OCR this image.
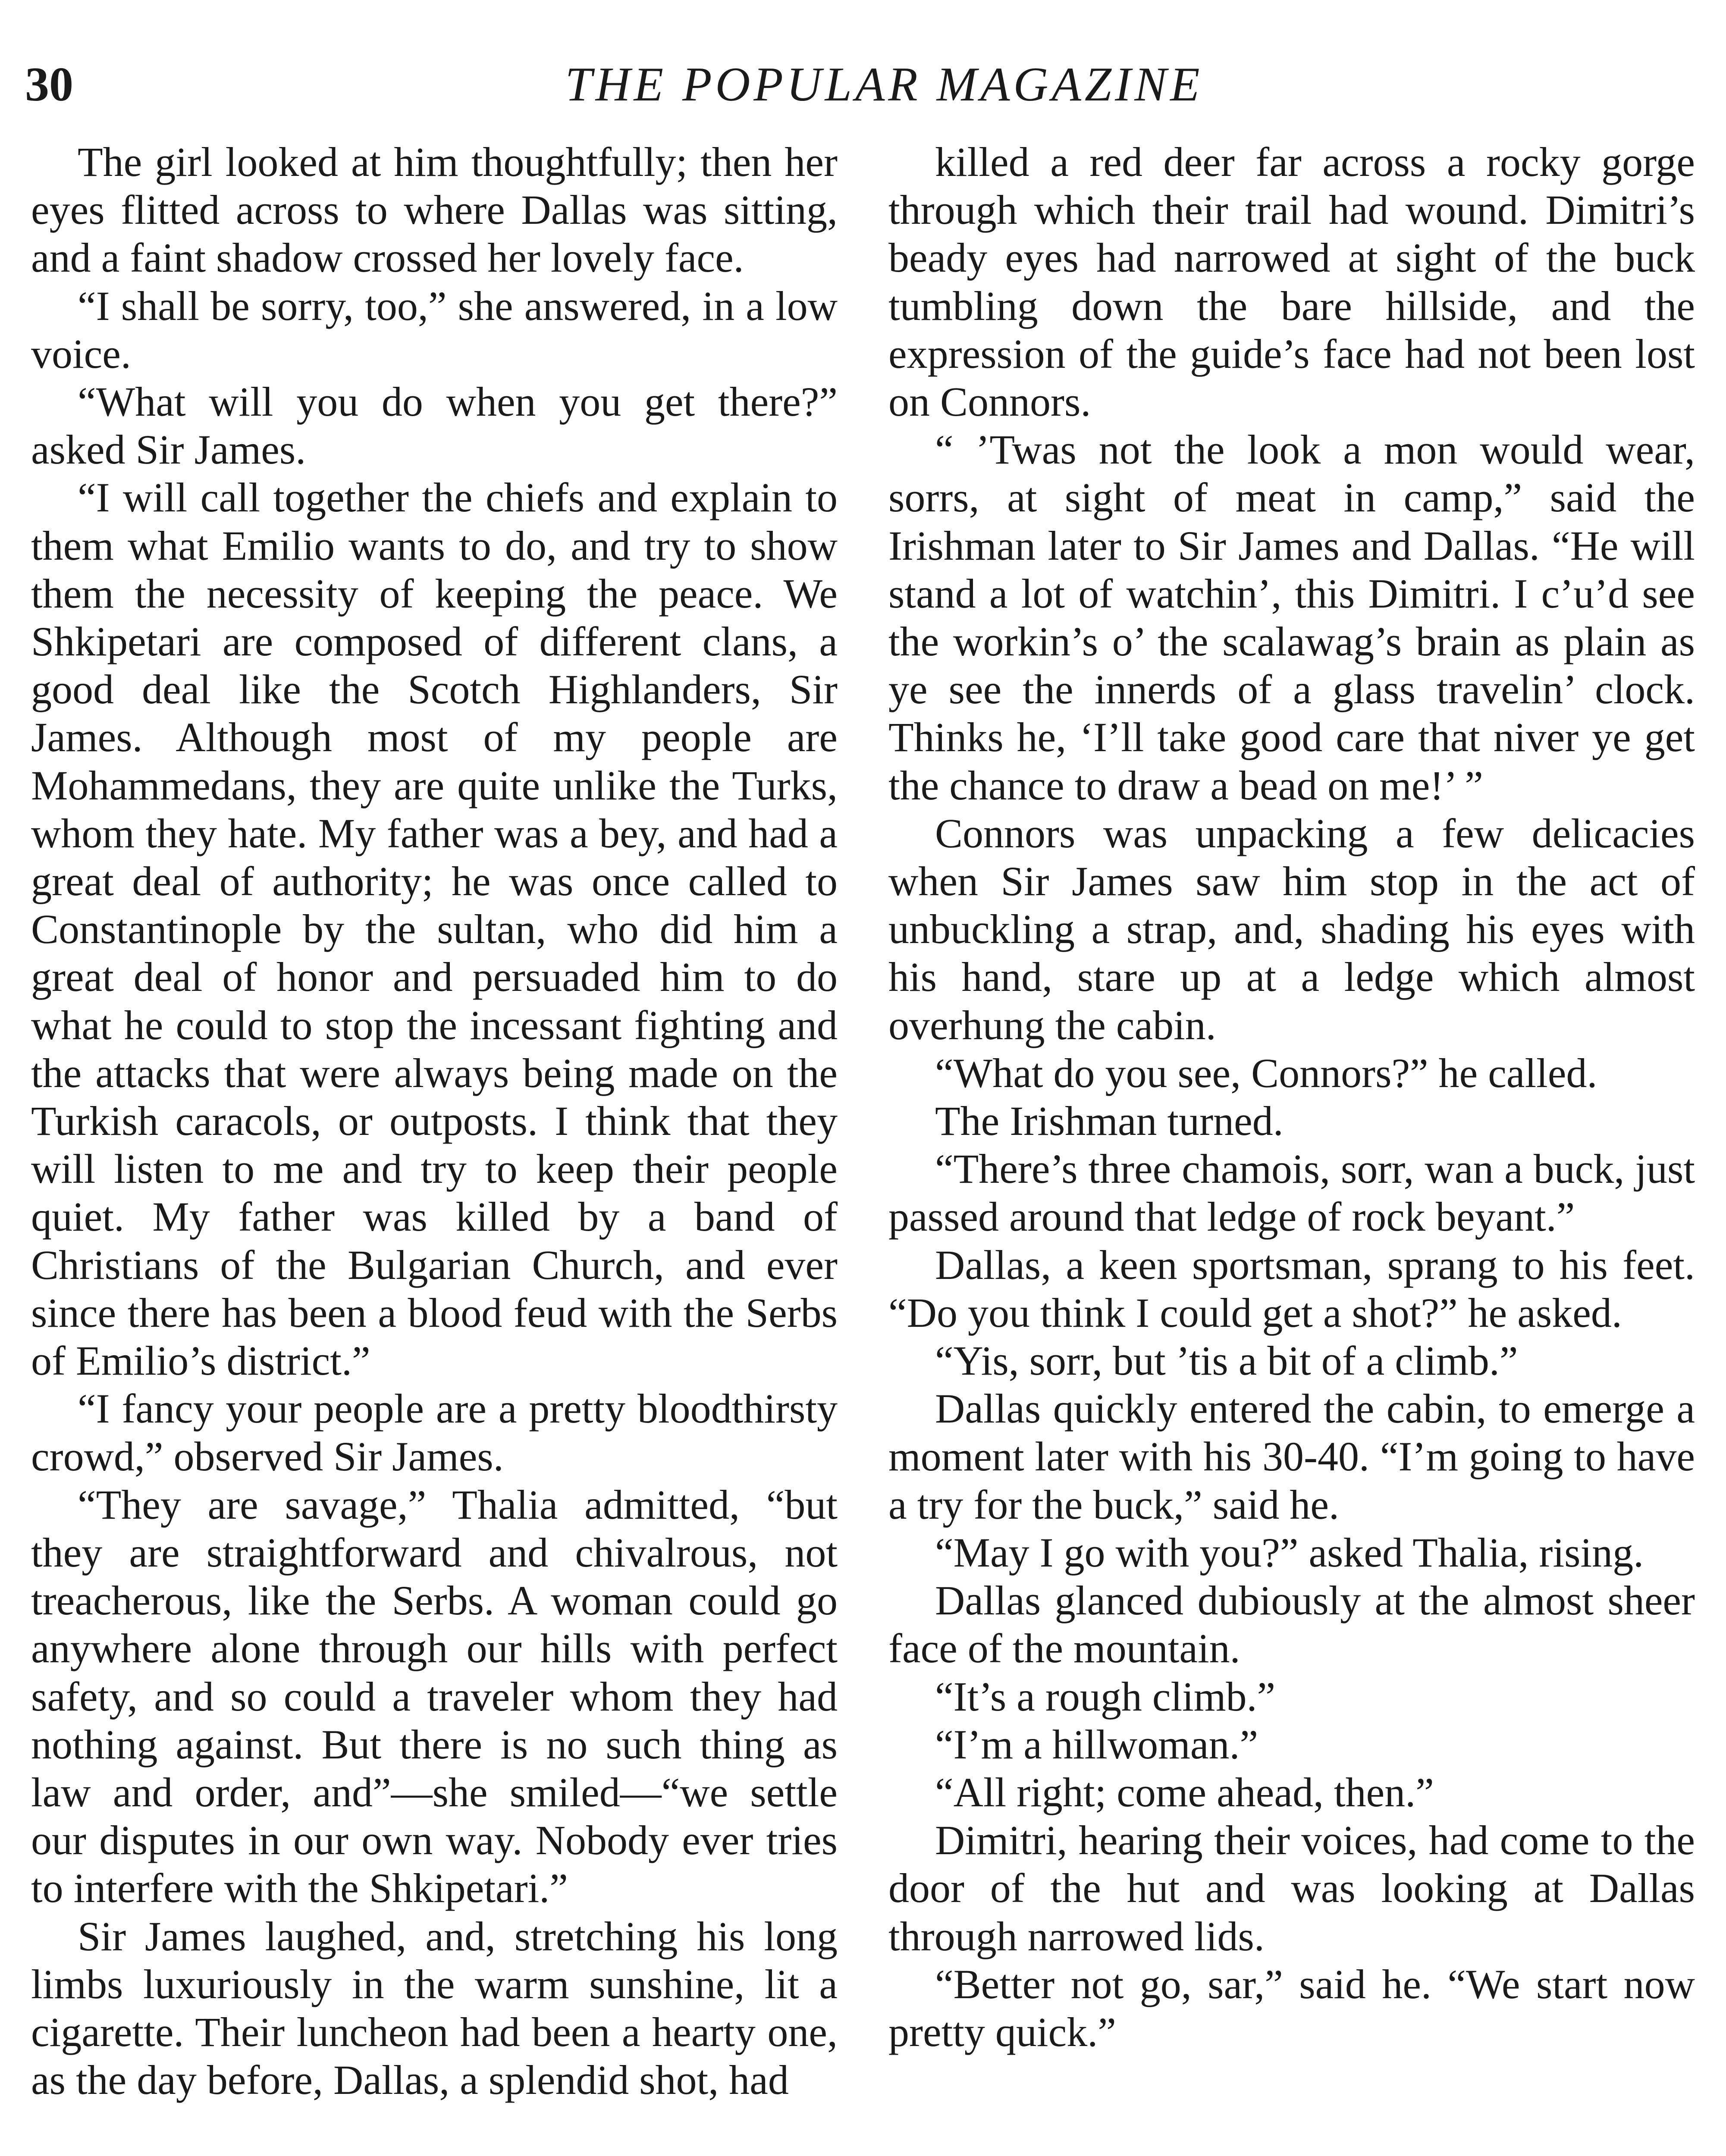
30	THE POPULAR MAGAZINE

The girl looked at him thoughtfully; then her eyes flitted across to where Dallas was sitting, and a faint shadow crossed her lovely face.

“I shall be sorry, too,” she answered, in a low voice.

“What will you do when you get there?” asked Sir James.

“I will call together the chiefs and explain to them what Emilio wants to do, and try to show them the necessity of keeping the peace. We Shkipetari are composed of different clans, a good deal like the Scotch Highlanders, Sir James. Although most of my people are Mohammedans, they are quite unlike the Turks, whom they hate. My father was a bey, and had a great deal of authority; he was once called to Constantinople by the sultan, who did him a great deal of honor and persuaded him to do what he could to stop the incessant fighting and the attacks that were always being made on the Turkish caracols, or outposts. I think that they will listen to me and try to keep their people quiet. My father was killed by a band of Christians of the Bulgarian Church, and ever since there has been a blood feud with the Serbs of Emilio’s district.”

“I fancy your people are a pretty bloodthirsty crowd,” observed Sir James.

“They are savage,” Thalia admitted, “but they are straightforward and chivalrous, not treacherous, like the Serbs. A woman could go anywhere alone through our hills with perfect safety, and so could a traveler whom they had nothing against. But there is no such thing as law and order, and”—she smiled—“we settle our disputes in our own way. Nobody ever tries to interfere with the Shkipetari.”

Sir James laughed, and, stretching his long limbs luxuriously in the warm sunshine, lit a cigarette. Their luncheon had been a hearty one, as the day before, Dallas, a splendid shot, had

killed a red deer far across a rocky gorge through which their trail had wound. Dimitri’s beady eyes had narrowed at sight of the buck tumbling down the bare hillside, and the expression of the guide’s face had not been lost on Connors.

“ ’Twas not the look a mon would wear, sorrs, at sight of meat in camp,” said the Irishman later to Sir James and Dallas. “He will stand a lot of watchin’, this Dimitri. I c’u’d see the workin’s o’ the scalawag’s brain as plain as ye see the innerds of a glass travelin’ clock. Thinks he, ‘I’ll take good care that niver ye get the chance to draw a bead on me!’ ”

Connors was unpacking a few delicacies when Sir James saw him stop in the act of unbuckling a strap, and, shading his eyes with his hand, stare up at a ledge which almost overhung the cabin.

“What do you see, Connors?” he called.

The Irishman turned.

“There’s three chamois, sorr, wan a buck, just passed around that ledge of rock beyant.”

Dallas, a keen sportsman, sprang to his feet. “Do you think I could get a shot?” he asked.

“Yis, sorr, but ’tis a bit of a climb.”

Dallas quickly entered the cabin, to emerge a moment later with his 30-40. “I’m going to have a try for the buck,” said he.

“May I go with you?” asked Thalia, rising.

Dallas glanced dubiously at the almost sheer face of the mountain.

“It’s a rough climb.”

“I’m a hillwoman.”

“All right; come ahead, then.”

Dimitri, hearing their voices, had come to the door of the hut and was looking at Dallas through narrowed lids.

“Better not go, sar,” said he. “We start now pretty quick.”
